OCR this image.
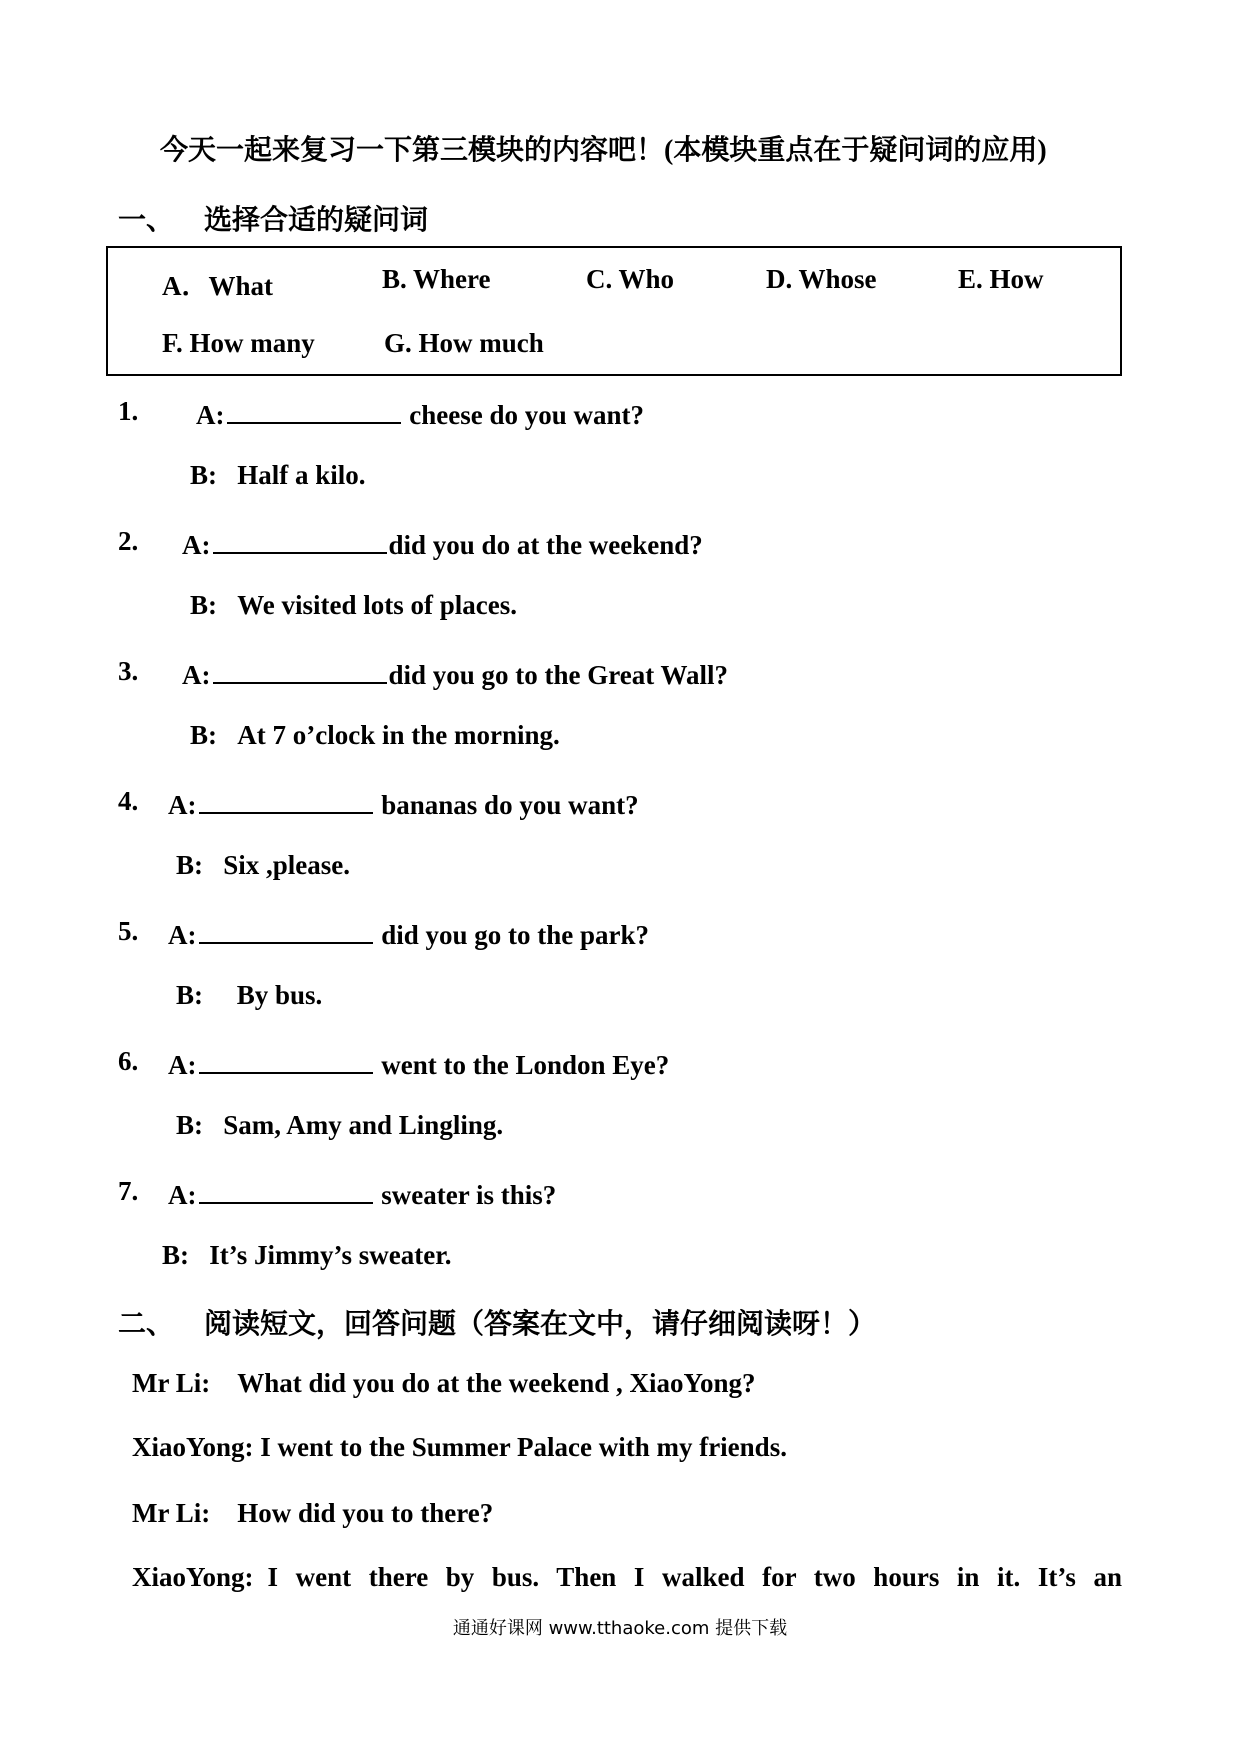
今天一起来复习一下第三模块的内容吧！(本模块重点在于疑问词的应用)
一、 选择合适的疑问词
A．What	B. Where	C. Who	D. Whose	E. How
F. How many	G. How much
1. A:	cheese do you want?
B: Half a kilo.
2. A:	did you do at the weekend?
B: We visited lots of places.
3. A:	did you go to the Great Wall?
B: At 7 o’clock in the morning.
4. A:	bananas do you want?
B: Six ,please.
5. A:	did you go to the park?
B: By bus.
6. A:	went to the London Eye?
B: Sam, Amy and Lingling.
7. A:	sweater is this?
B: It’s Jimmy’s sweater.
二、 阅读短文，回答问题（答案在文中，请仔细阅读呀！）
Mr Li: What did you do at the weekend , XiaoYong?
XiaoYong: I went to the Summer Palace with my friends.
Mr Li: How did you to there?
XiaoYong: I went there by bus. Then I walked for two hours in it. It’s an
通通好课网 www.tthaoke.com 提供下载
